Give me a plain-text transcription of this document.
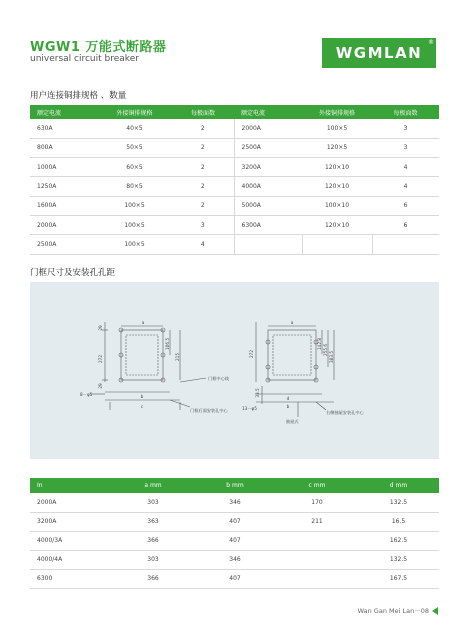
WGW1 万能式断路器
universal circuit breaker	WGMLAN
®
用户连接铜排规格 、数量
额定电流	外接铜排规格	每极面数	额定电流	外接铜排规格	每极面数
630A	40×5	2	2000A	100×5	3
800A	50×5	2	2500A	120×5	3
1000A	60×5	2	3200A	120×10	4
1250A	80×5	2	4000A	120×10	4
1600A	100×5	2	5000A	100×10	6
2000A	100×5	3	6300A	120×10	6
2500A	100×5	4			
门框尺寸及安装孔孔距
a	a
b
c
d
b
272
29
29
106.5
215	272
142.8 255.6
383.5
33.5
8－φ5
13－φ5
门框中心线
门框后面安装孔中心	右侧抽屉安装孔中心
抽屉式
In	a mm	b mm	c mm	d mm
2000A	303	346	170	132.5
3200A	363	407	211	16.5
4000/3A	366	407		162.5
4000/4A	303	346		132.5
6300	366	407		167.5
Wan Gan Mei Lan－08
